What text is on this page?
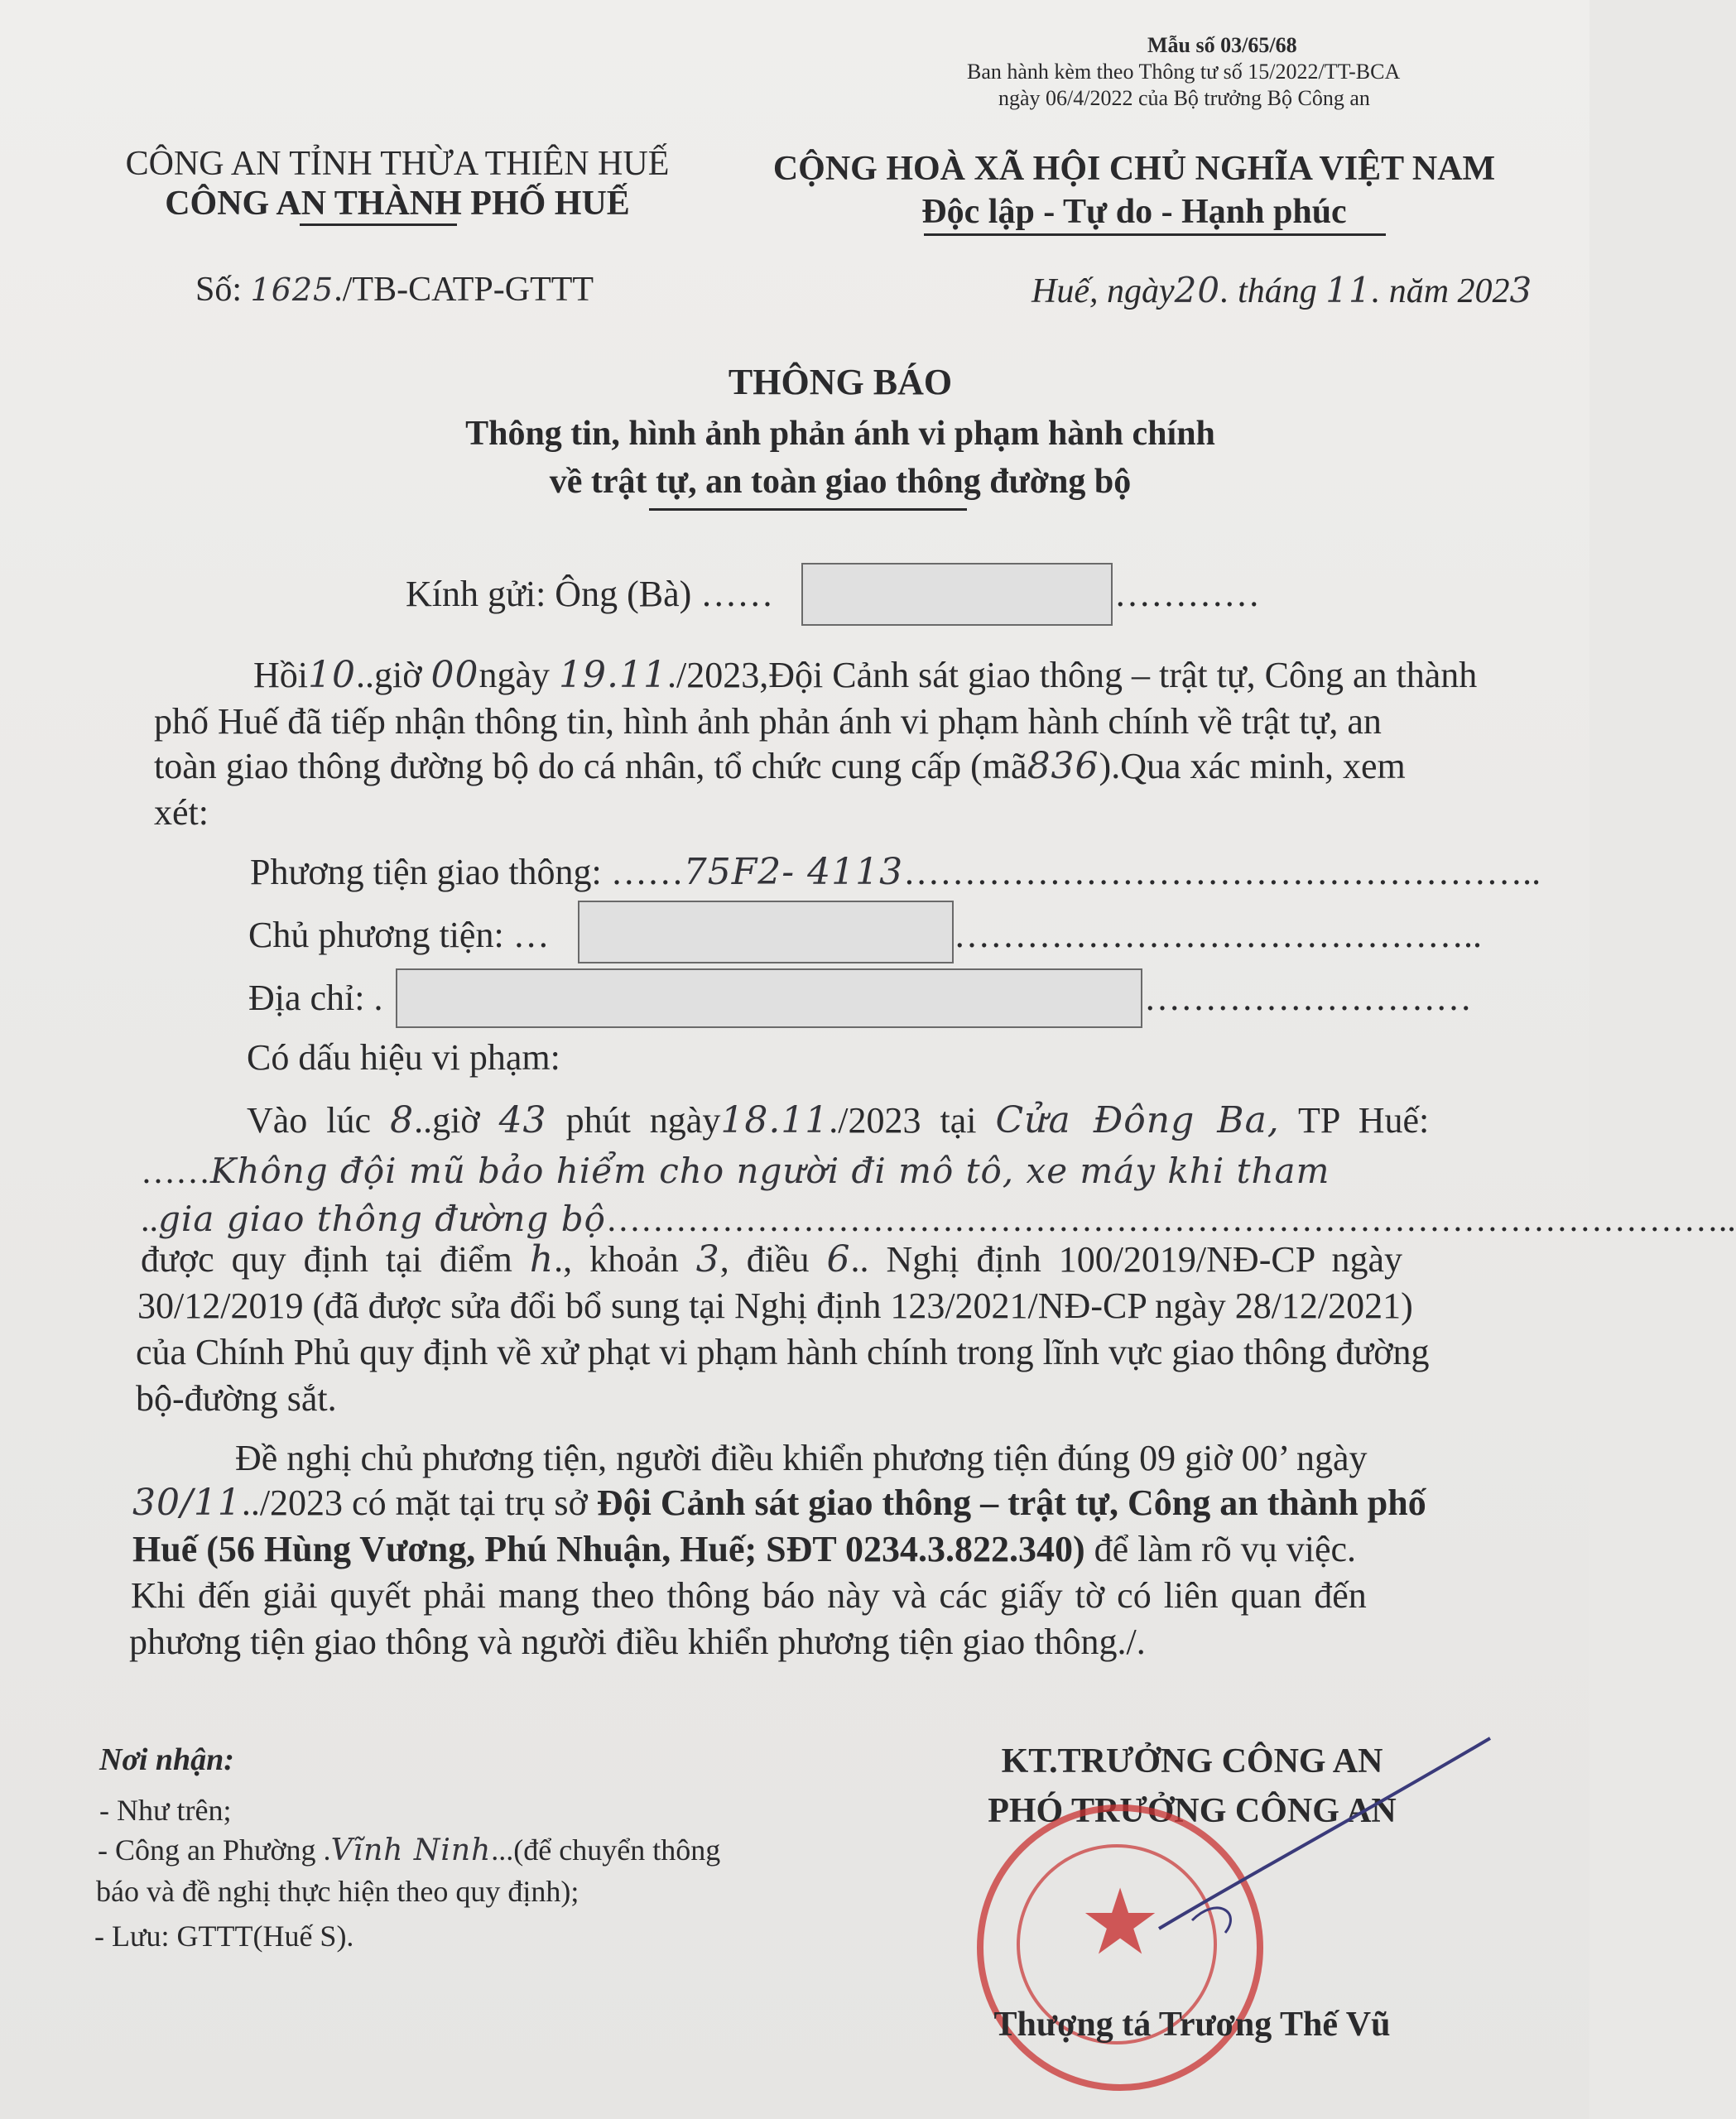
Mẫu số 03/65/68
Ban hành kèm theo Thông tư số 15/2022/TT-BCA
ngày 06/4/2022 của Bộ trưởng Bộ Công an
CÔNG AN TỈNH THỪA THIÊN HUẾ
CÔNG AN THÀNH PHỐ HUẾ
CỘNG HOÀ XÃ HỘI CHỦ NGHĨA VIỆT NAM
Độc lập - Tự do - Hạnh phúc
Số: 1625./TB-CATP-GTTT	Huế, ngày20. tháng 11. năm 2023
THÔNG BÁO
Thông tin, hình ảnh phản ánh vi phạm hành chính
về trật tự, an toàn giao thông đường bộ
Kính gửi: Ông (Bà) ……	…………
Hồi10..giờ 00ngày 19.11./2023,Đội Cảnh sát giao thông – trật tự, Công an thành
phố Huế đã tiếp nhận thông tin, hình ảnh phản ánh vi phạm hành chính về trật tự, an
toàn giao thông đường bộ do cá nhân, tổ chức cung cấp (mã836).Qua xác minh, xem
xét:
Phương tiện giao thông: ……75F2- 4113……………………………………………..
Chủ phương tiện: …	……………………………………..
Địa chỉ: .	………………………
Có dấu hiệu vi phạm:
Vào lúc 8..giờ 43 phút ngày18.11./2023 tại Cửa Đông Ba, TP Huế:
……Không đội mũ bảo hiểm cho người đi mô tô, xe máy khi tham
..gia giao thông đường bộ……………………………………………………………………………………..
được quy định tại điểm h., khoản 3, điều 6.. Nghị định 100/2019/NĐ-CP ngày
30/12/2019 (đã được sửa đổi bổ sung tại Nghị định 123/2021/NĐ-CP ngày 28/12/2021)
của Chính Phủ quy định về xử phạt vi phạm hành chính trong lĩnh vực giao thông đường
bộ-đường sắt.
Đề nghị chủ phương tiện, người điều khiển phương tiện đúng 09 giờ 00’ ngày
30/11../2023 có mặt tại trụ sở Đội Cảnh sát giao thông – trật tự, Công an thành phố
Huế (56 Hùng Vương, Phú Nhuận, Huế; SĐT 0234.3.822.340) để làm rõ vụ việc.
Khi đến giải quyết phải mang theo thông báo này và các giấy tờ có liên quan đến
phương tiện giao thông và người điều khiển phương tiện giao thông./.
Nơi nhận:
- Như trên;
- Công an Phường .Vĩnh Ninh...(để chuyển thông
báo và đề nghị thực hiện theo quy định);
- Lưu: GTTT(Huế S).
KT.TRƯỞNG CÔNG AN
PHÓ TRƯỞNG CÔNG AN
★
Thượng tá Trương Thế Vũ
